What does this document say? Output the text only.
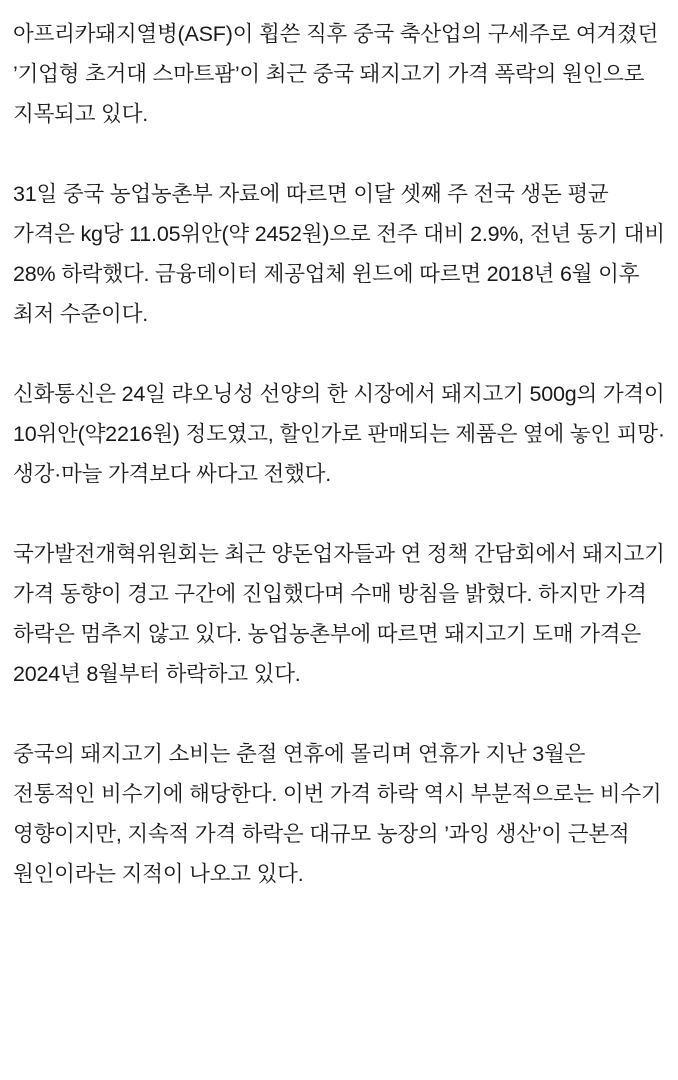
아프리카돼지열병(ASF)이 휩쓴 직후 중국 축산업의 구세주로 여겨졌던 ’기업형 초거대 스마트팜’이 최근 중국 돼지고기 가격 폭락의 원인으로 지목되고 있다.

31일 중국 농업농촌부 자료에 따르면 이달 셋째 주 전국 생돈 평균 가격은 kg당 11.05위안(약 2452원)으로 전주 대비 2.9%, 전년 동기 대비 28% 하락했다. 금융데이터 제공업체 윈드에 따르면 2018년 6월 이후 최저 수준이다.

신화통신은 24일 랴오닝성 선양의 한 시장에서 돼지고기 500g의 가격이 10위안(약2216원) 정도였고, 할인가로 판매되는 제품은 옆에 놓인 피망·생강·마늘 가격보다 싸다고 전했다.

국가발전개혁위원회는 최근 양돈업자들과 연 정책 간담회에서 돼지고기 가격 동향이 경고 구간에 진입했다며 수매 방침을 밝혔다. 하지만 가격 하락은 멈추지 않고 있다. 농업농촌부에 따르면 돼지고기 도매 가격은 2024년 8월부터 하락하고 있다.

중국의 돼지고기 소비는 춘절 연휴에 몰리며 연휴가 지난 3월은 전통적인 비수기에 해당한다. 이번 가격 하락 역시 부분적으로는 비수기 영향이지만, 지속적 가격 하락은 대규모 농장의 ’과잉 생산’이 근본적 원인이라는 지적이 나오고 있다.
